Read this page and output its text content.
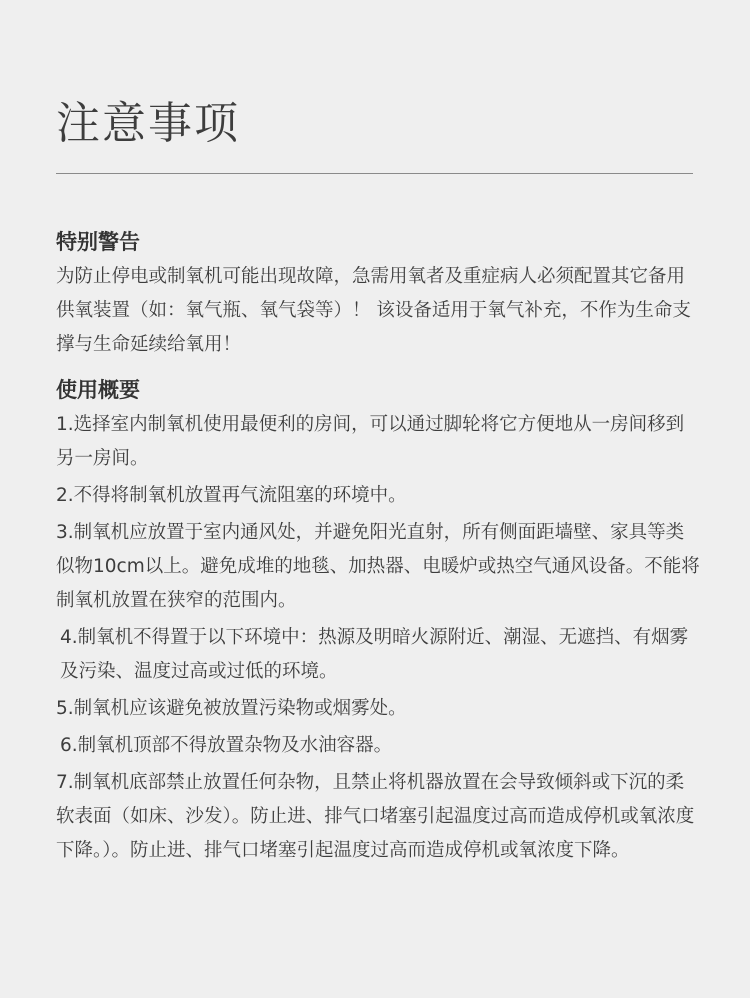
注意事项
特别警告

为防止停电或制氧机可能出现故障，急需用氧者及重症病人必须配置其它备用供氧装置（如：氧气瓶、氧气袋等）！ 该设备适用于氧气补充，不作为生命支撑与生命延续给氧用！

使用概要

1.选择室内制氧机使用最便利的房间，可以通过脚轮将它方便地从一房间移到另一房间。

2.不得将制氧机放置再气流阻塞的环境中。

3.制氧机应放置于室内通风处，并避免阳光直射，所有侧面距墙壁、家具等类似物10cm以上。避免成堆的地毯、加热器、电暖炉或热空气通风设备。不能将制氧机放置在狭窄的范围内。

4.制氧机不得置于以下环境中：热源及明暗火源附近、潮湿、无遮挡、有烟雾及污染、温度过高或过低的环境。

5.制氧机应该避免被放置污染物或烟雾处。

6.制氧机顶部不得放置杂物及水油容器。

7.制氧机底部禁止放置任何杂物，且禁止将机器放置在会导致倾斜或下沉的柔软表面（如床、沙发）。防止进、排气口堵塞引起温度过高而造成停机或氧浓度下降。）。防止进、排气口堵塞引起温度过高而造成停机或氧浓度下降。
